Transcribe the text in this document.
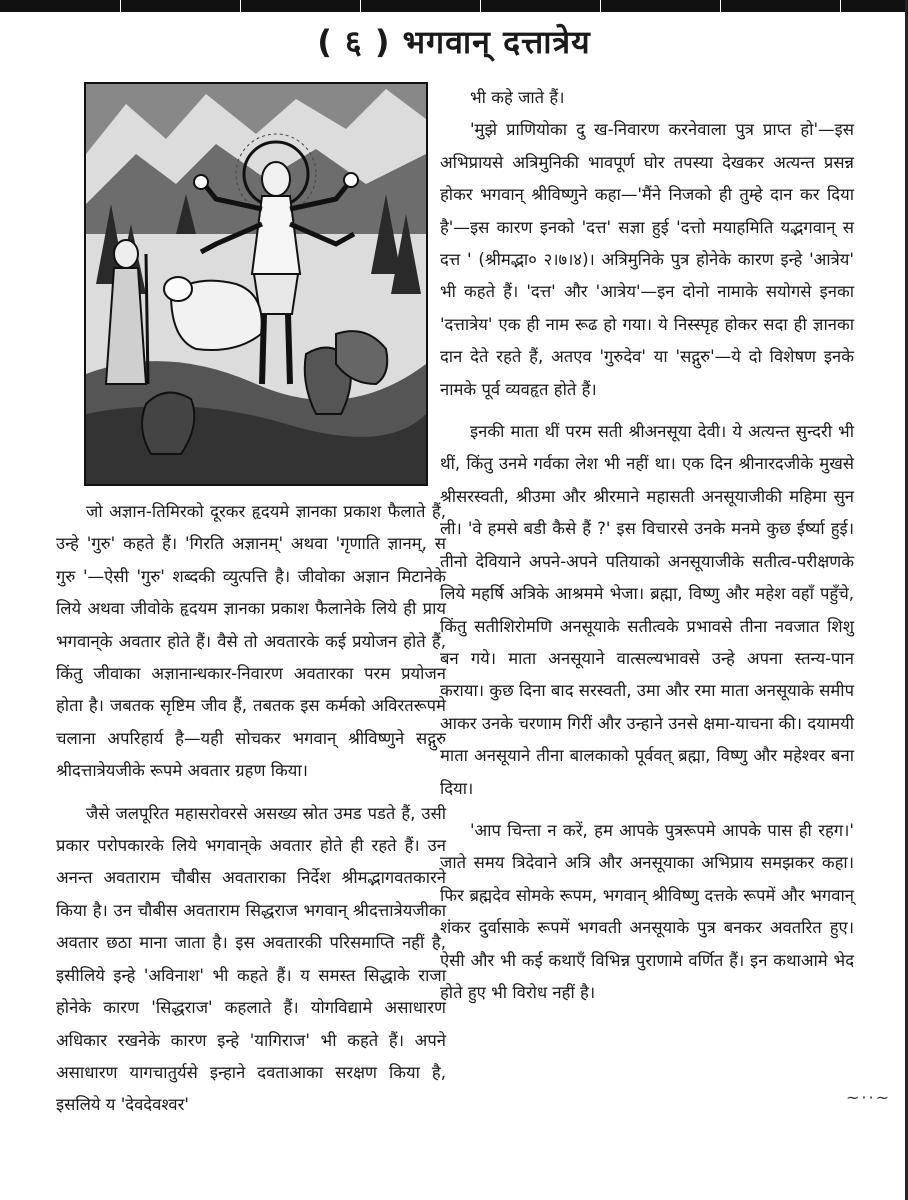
( ६ ) भगवान् दत्तात्रेय

जो अज्ञान-तिमिरको दूरकर हृदयमे ज्ञानका प्रकाश फैलाते हैं, उन्हे 'गुरु' कहते हैं। 'गिरति अज्ञानम्' अथवा 'गृणाति ज्ञानम्, स गुरु '—ऐसी 'गुरु' शब्दकी व्युत्पत्ति है। जीवोका अज्ञान मिटानेके लिये अथवा जीवोके हृदयम ज्ञानका प्रकाश फैलानेके लिये ही प्राय भगवान्‌के अवतार होते हैं। वैसे तो अवतारके कई प्रयोजन होते हैं, किंतु जीवाका अज्ञानान्धकार-निवारण अवतारका परम प्रयोजन होता है। जबतक सृष्टिम जीव हैं, तबतक इस कर्मको अविरतरूपमे चलाना अपरिहार्य है—यही सोचकर भगवान् श्रीविष्णुने सद्गुरु श्रीदत्तात्रेयजीके रूपमे अवतार ग्रहण किया।

जैसे जलपूरित महासरोवरसे असख्य स्रोत उमड पडते हैं, उसी प्रकार परोपकारके लिये भगवान्‌के अवतार होते ही रहते हैं। उन अनन्त अवताराम चौबीस अवताराका निर्देश श्रीमद्भागवतकारने किया है। उन चौबीस अवताराम सिद्धराज भगवान् श्रीदत्तात्रेयजीका अवतार छठा माना जाता है। इस अवतारकी परिसमाप्ति नहीं है, इसीलिये इन्हे 'अविनाश' भी कहते हैं। य समस्त सिद्धाके राजा होनेके कारण 'सिद्धराज' कहलाते हैं। योगविद्यामे असाधारण अधिकार रखनेके कारण इन्हे 'यागिराज' भी कहते हैं। अपने असाधारण यागचातुर्यसे इन्हाने दवताआका सरक्षण किया है, इसलिये य 'देवदेवश्वर'

भी कहे जाते हैं।

'मुझे प्राणियोका दु ख-निवारण करनेवाला पुत्र प्राप्त हो'—इस अभिप्रायसे अत्रिमुनिकी भावपूर्ण घोर तपस्या देखकर अत्यन्त प्रसन्न होकर भगवान् श्रीविष्णुने कहा—'मैंने निजको ही तुम्हे दान कर दिया है'—इस कारण इनको 'दत्त' सज्ञा हुई 'दत्तो मयाहमिति यद्भगवान् स दत्त ' (श्रीमद्भा० २।७।४)। अत्रिमुनिके पुत्र होनेके कारण इन्हे 'आत्रेय' भी कहते हैं। 'दत्त' और 'आत्रेय'—इन दोनो नामाके सयोगसे इनका 'दत्तात्रेय' एक ही नाम रूढ हो गया। ये निस्स्पृह होकर सदा ही ज्ञानका दान देते रहते हैं, अतएव 'गुरुदेव' या 'सद्गुरु'—ये दो विशेषण इनके नामके पूर्व व्यवहृत होते हैं।

इनकी माता थीं परम सती श्रीअनसूया देवी। ये अत्यन्त सुन्दरी भी थीं, किंतु उनमे गर्वका लेश भी नहीं था। एक दिन श्रीनारदजीके मुखसे श्रीसरस्वती, श्रीउमा और श्रीरमाने महासती अनसूयाजीकी महिमा सुन ली। 'वे हमसे बडी कैसे हैं ?' इस विचारसे उनके मनमे कुछ ईर्ष्या हुई। तीनो देवियाने अपने-अपने पतियाको अनसूयाजीके सतीत्व-परीक्षणके लिये महर्षि अत्रिके आश्रममे भेजा। ब्रह्मा, विष्णु और महेश वहाँ पहुँचे, किंतु सतीशिरोमणि अनसूयाके सतीत्वके प्रभावसे तीना नवजात शिशु बन गये। माता अनसूयाने वात्सल्यभावसे उन्हे अपना स्तन्य-पान कराया। कुछ दिना बाद सरस्वती, उमा और रमा माता अनसूयाके समीप आकर उनके चरणाम गिरीं और उन्हाने उनसे क्षमा-याचना की। दयामयी माता अनसूयाने तीना बालकाको पूर्ववत् ब्रह्मा, विष्णु और महेश्वर बना दिया।

'आप चिन्ता न करें, हम आपके पुत्ररूपमे आपके पास ही रहग।' जाते समय त्रिदेवाने अत्रि और अनसूयाका अभिप्राय समझकर कहा। फिर ब्रह्मदेव सोमके रूपम, भगवान् श्रीविष्णु दत्तके रूपमें और भगवान् शंकर दुर्वासाके रूपमें भगवती अनसूयाके पुत्र बनकर अवतरित हुए। ऐसी और भी कई कथाएँ विभिन्न पुराणामे वर्णित हैं। इन कथाआमे भेद होते हुए भी विरोध नहीं है।

~··~
